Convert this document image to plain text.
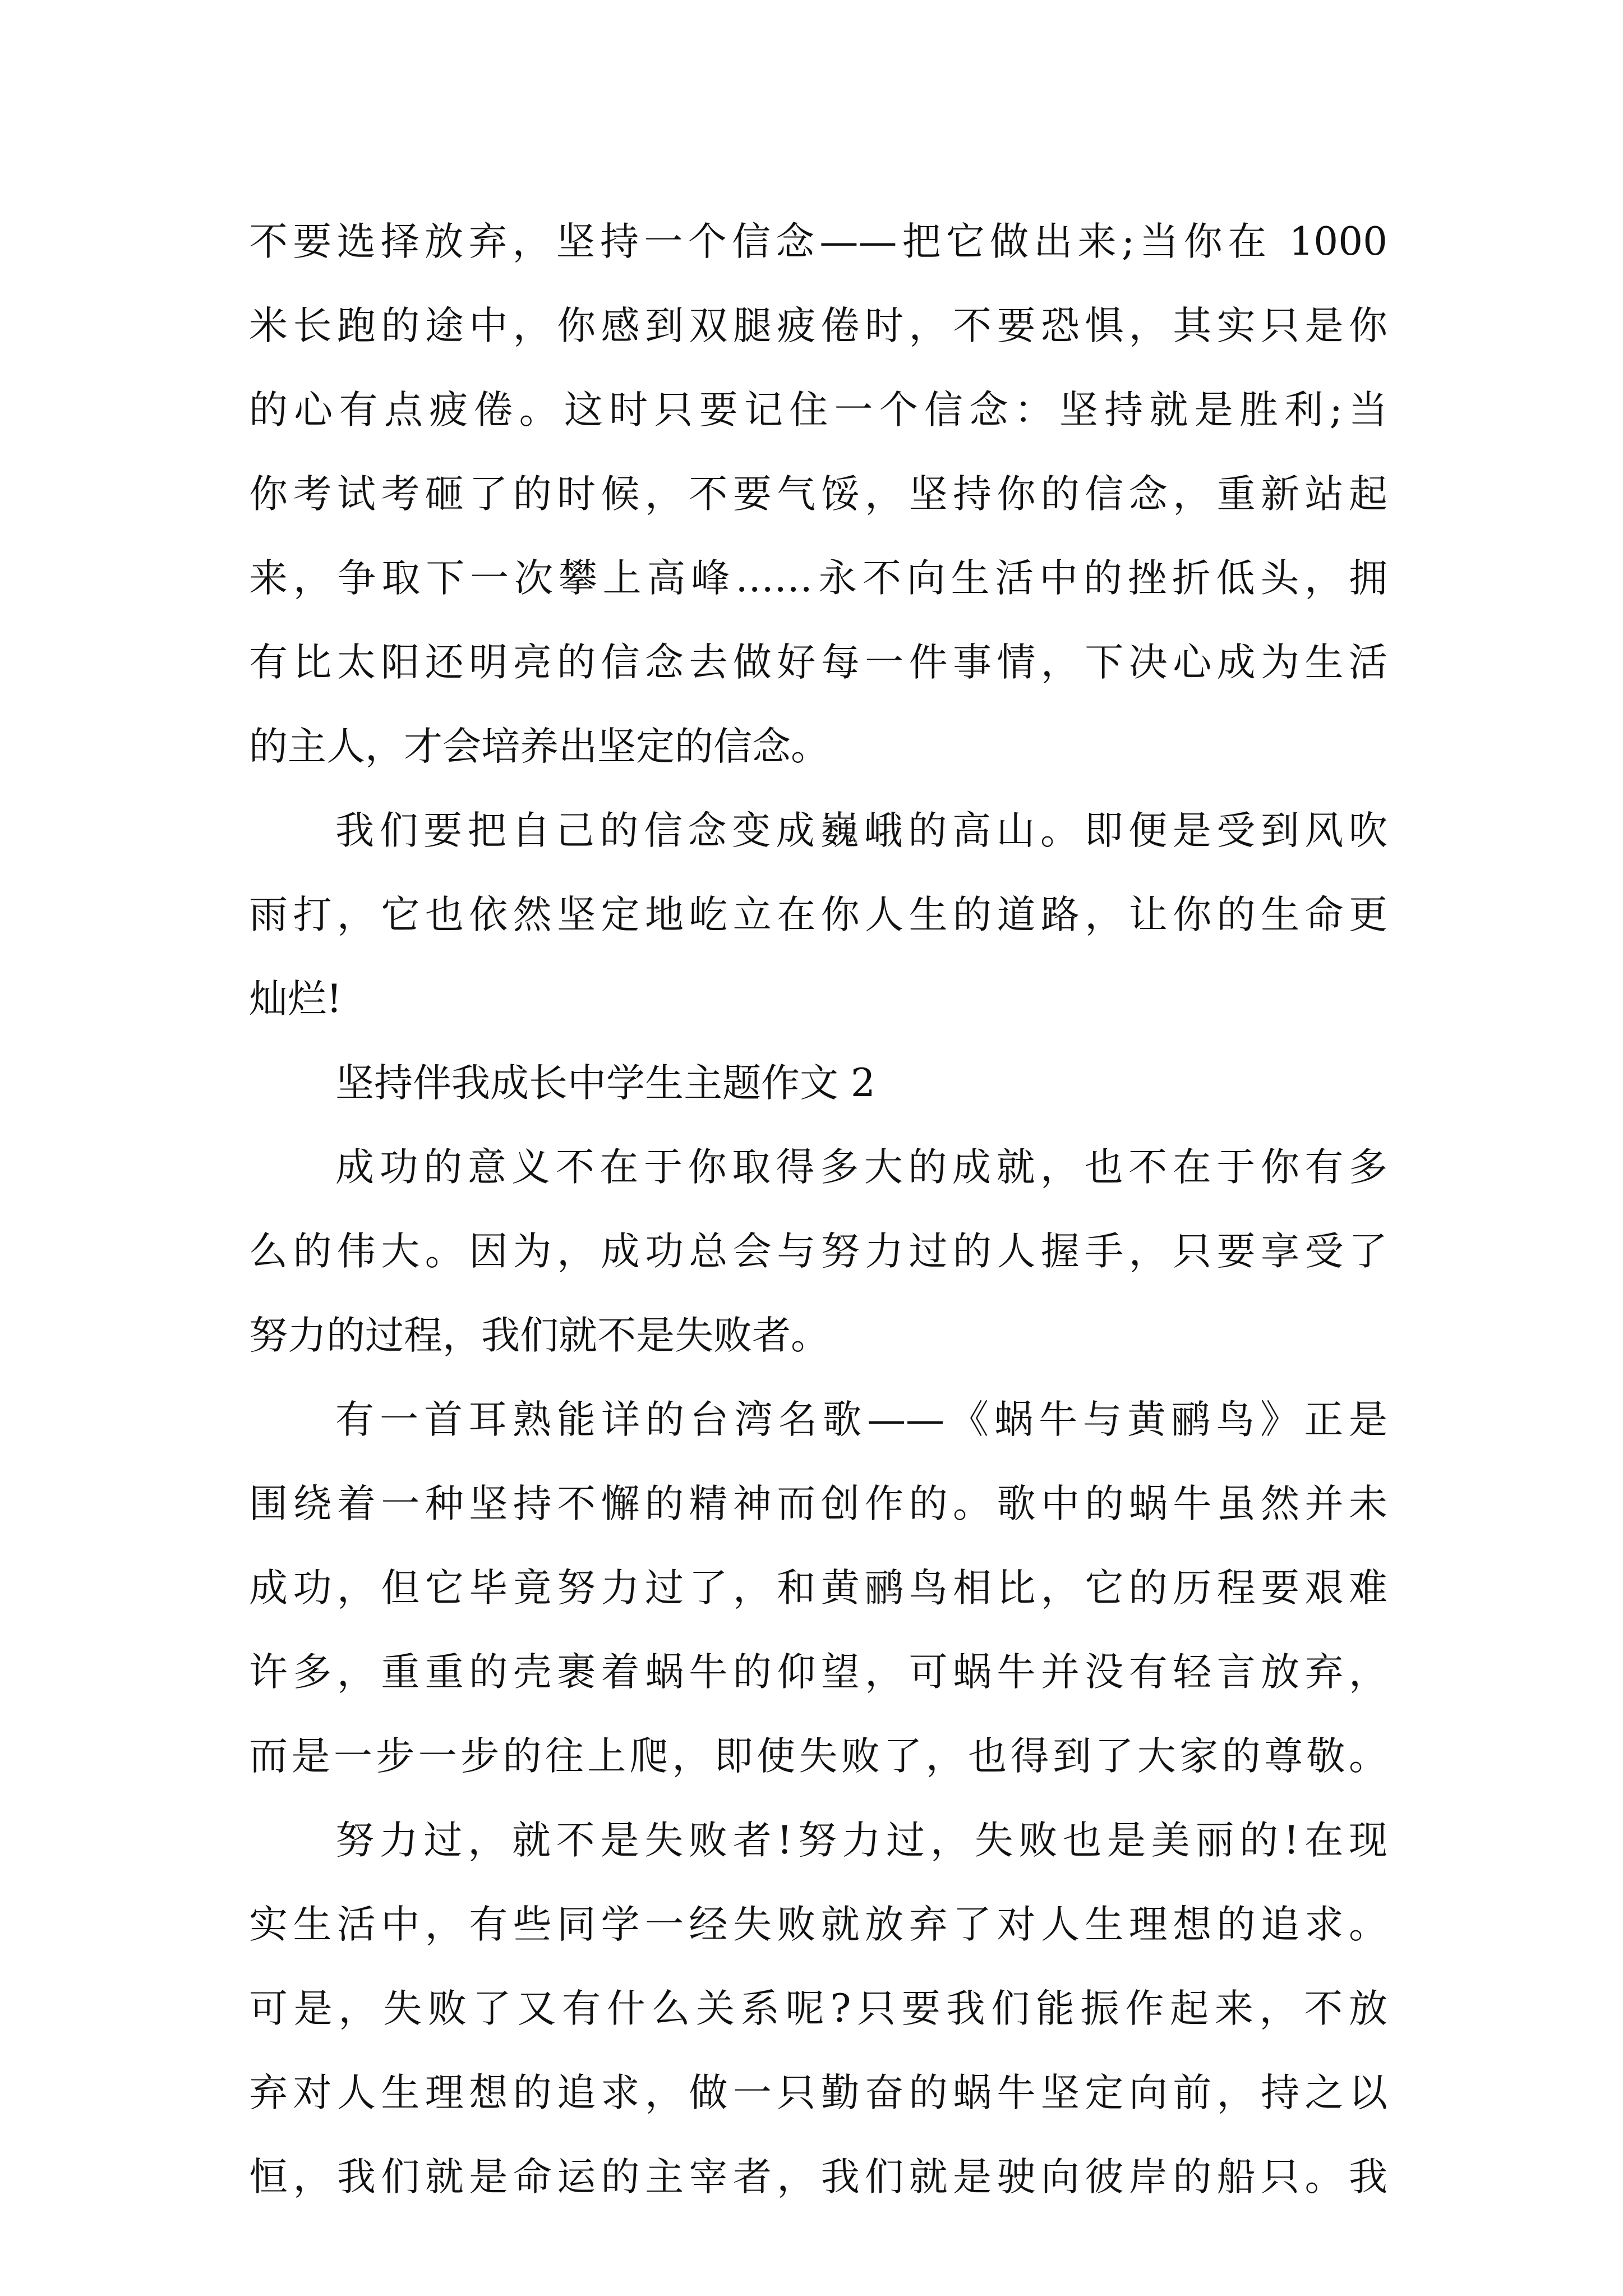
不要选择放弃，坚持一个信念——把它做出来;当你在 1000

米长跑的途中，你感到双腿疲倦时，不要恐惧，其实只是你

的心有点疲倦。这时只要记住一个信念：坚持就是胜利;当

你考试考砸了的时候，不要气馁，坚持你的信念，重新站起

来，争取下一次攀上高峰……永不向生活中的挫折低头，拥

有比太阳还明亮的信念去做好每一件事情，下决心成为生活

的主人，才会培养出坚定的信念。

我们要把自己的信念变成巍峨的高山。即便是受到风吹

雨打，它也依然坚定地屹立在你人生的道路，让你的生命更

灿烂!

坚持伴我成长中学生主题作文 2

成功的意义不在于你取得多大的成就，也不在于你有多

么的伟大。因为，成功总会与努力过的人握手，只要享受了

努力的过程，我们就不是失败者。

有一首耳熟能详的台湾名歌——《蜗牛与黄鹂鸟》正是

围绕着一种坚持不懈的精神而创作的。歌中的蜗牛虽然并未

成功，但它毕竟努力过了，和黄鹂鸟相比，它的历程要艰难

许多，重重的壳裹着蜗牛的仰望，可蜗牛并没有轻言放弃，

而是一步一步的往上爬，即使失败了，也得到了大家的尊敬。

努力过，就不是失败者!努力过，失败也是美丽的!在现

实生活中，有些同学一经失败就放弃了对人生理想的追求。

可是，失败了又有什么关系呢?只要我们能振作起来，不放

弃对人生理想的追求，做一只勤奋的蜗牛坚定向前，持之以

恒，我们就是命运的主宰者，我们就是驶向彼岸的船只。我
